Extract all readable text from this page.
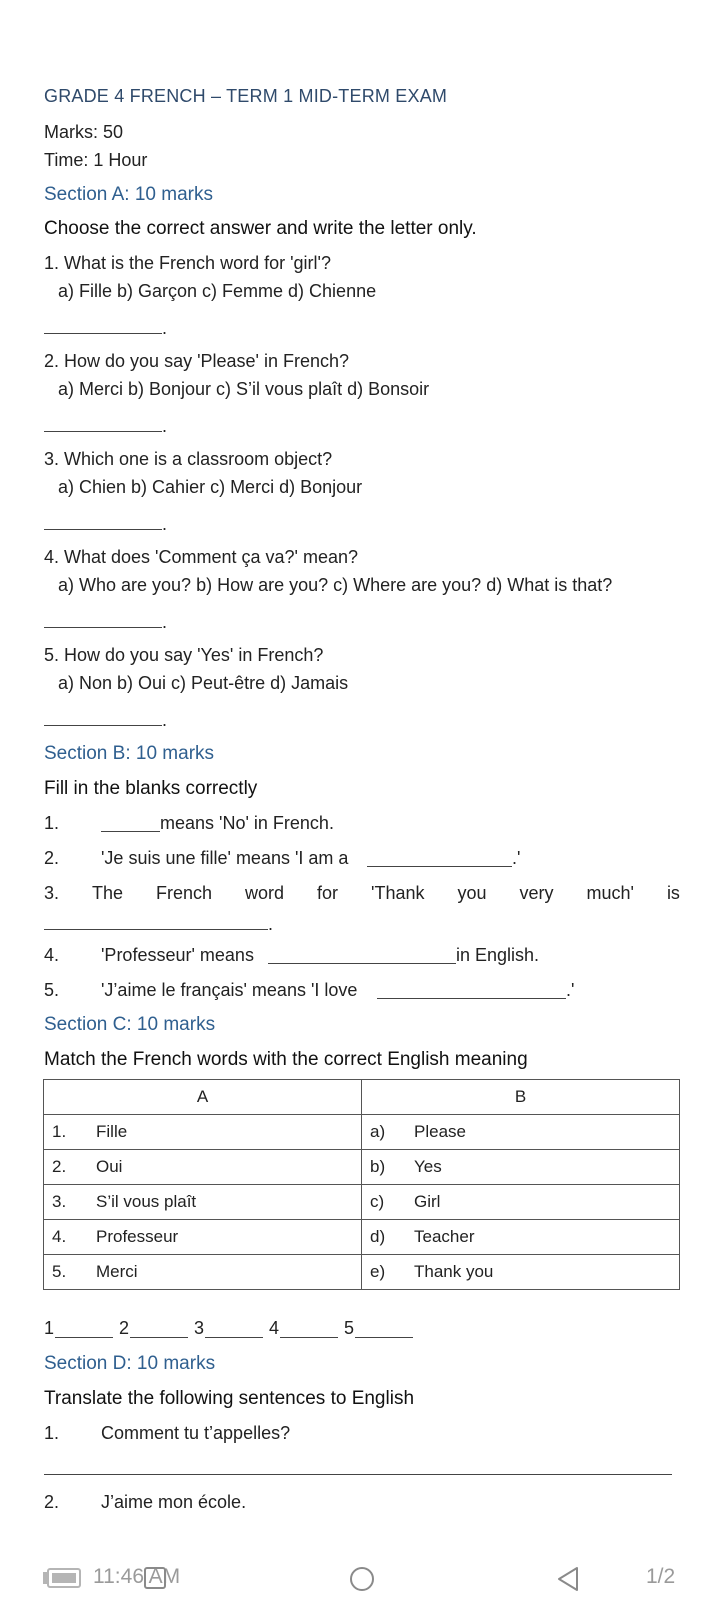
GRADE 4 FRENCH – TERM 1 MID-TERM EXAM
Marks: 50
Time: 1 Hour
Section A: 10 marks
Choose the correct answer and write the letter only.
1. What is the French word for 'girl'?
a) Fille b) Garçon c) Femme d) Chienne
.
2. How do you say 'Please' in French?
a) Merci b) Bonjour c) S’il vous plaît d) Bonsoir
.
3. Which one is a classroom object?
a) Chien b) Cahier c) Merci d) Bonjour
.
4. What does 'Comment ça va?' mean?
a) Who are you? b) How are you? c) Where are you? d) What is that?
.
5. How do you say 'Yes' in French?
a) Non b) Oui c) Peut-être d) Jamais
.
Section B: 10 marks
Fill in the blanks correctly
1.	means 'No' in French.
2. 'Je suis une fille' means 'I am a	.'
3. The French word for 'Thank you very much' is
.
4. 'Professeur' means	in English.
5. 'J’aime le français' means 'I love	.'
Section C: 10 marks
Match the French words with the correct English meaning
A	B

1. Fille	a) Please

2. Oui	b) Yes

3. S’il vous plaît	c) Girl

4. Professeur	d) Teacher

5. Merci	e) Thank you
1	2	3	4	5
Section D: 10 marks
Translate the following sentences to English
1. Comment tu t’appelles?
2. J’aime mon école.
11:46 AM	1/2
